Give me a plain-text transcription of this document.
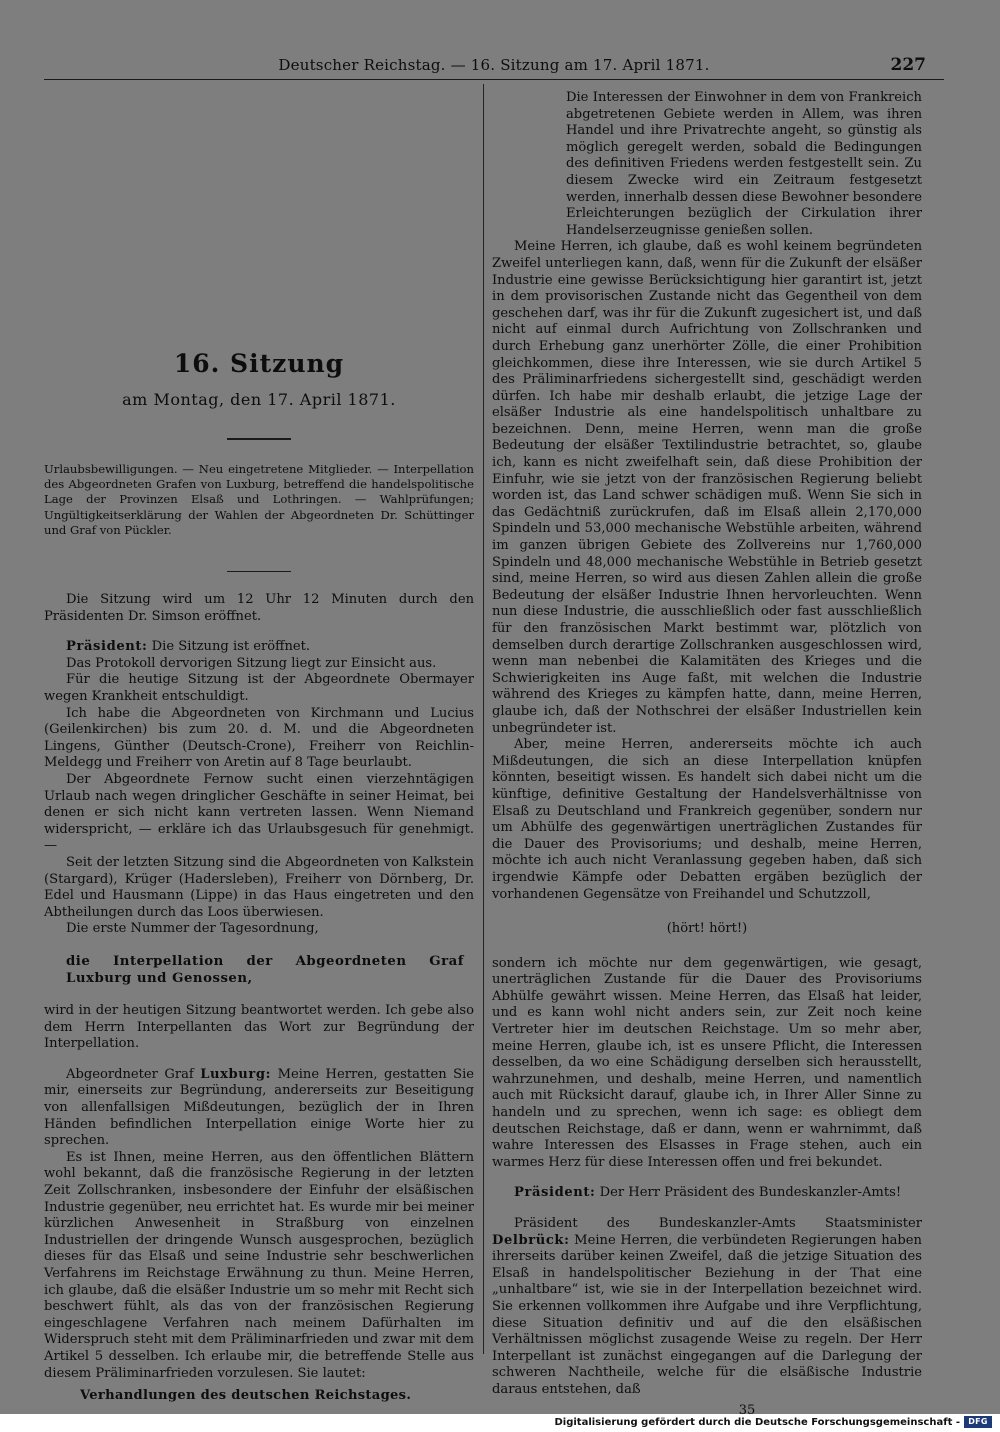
Deutscher Reichstag. — 16. Sitzung am 17. April 1871.	227

16. Sitzung

am Montag, den 17. April 1871.

Urlaubsbewilligungen. — Neu eingetretene Mitglieder. — Interpellation des Abgeordneten Grafen von Luxburg, betreffend die handelspolitische Lage der Provinzen Elsaß und Lothringen. — Wahlprüfungen; Ungültigkeitserklärung der Wahlen der Abgeordneten Dr. Schüttinger und Graf von Pückler.

Die Sitzung wird um 12 Uhr 12 Minuten durch den Präsidenten Dr. Simson eröffnet.

Präsident: Die Sitzung ist eröffnet.

Das Protokoll dervorigen Sitzung liegt zur Einsicht aus.

Für die heutige Sitzung ist der Abgeordnete Obermayer wegen Krankheit entschuldigt.

Ich habe die Abgeordneten von Kirchmann und Lucius (Geilenkirchen) bis zum 20. d. M. und die Abgeordneten Lingens, Günther (Deutsch-Crone), Freiherr von Reichlin-Meldegg und Freiherr von Aretin auf 8 Tage beurlaubt.

Der Abgeordnete Fernow sucht einen vierzehntägigen Urlaub nach wegen dringlicher Geschäfte in seiner Heimat, bei denen er sich nicht kann vertreten lassen. Wenn Niemand widerspricht, — erkläre ich das Urlaubsgesuch für genehmigt. —

Seit der letzten Sitzung sind die Abgeordneten von Kalkstein (Stargard), Krüger (Hadersleben), Freiherr von Dörnberg, Dr. Edel und Hausmann (Lippe) in das Haus eingetreten und den Abtheilungen durch das Loos überwiesen.

Die erste Nummer der Tagesordnung,

die Interpellation der Abgeordneten Graf Luxburg und Genossen,

wird in der heutigen Sitzung beantwortet werden. Ich gebe also dem Herrn Interpellanten das Wort zur Begründung der Interpellation.

Abgeordneter Graf Luxburg: Meine Herren, gestatten Sie mir, einerseits zur Begründung, andererseits zur Beseitigung von allenfallsigen Mißdeutungen, bezüglich der in Ihren Händen befindlichen Interpellation einige Worte hier zu sprechen.

Es ist Ihnen, meine Herren, aus den öffentlichen Blättern wohl bekannt, daß die französische Regierung in der letzten Zeit Zollschranken, insbesondere der Einfuhr der elsäßischen Industrie gegenüber, neu errichtet hat. Es wurde mir bei meiner kürzlichen Anwesenheit in Straßburg von einzelnen Industriellen der dringende Wunsch ausgesprochen, bezüglich dieses für das Elsaß und seine Industrie sehr beschwerlichen Verfahrens im Reichstage Erwähnung zu thun. Meine Herren, ich glaube, daß die elsäßer Industrie um so mehr mit Recht sich beschwert fühlt, als das von der französischen Regierung eingeschlagene Verfahren nach meinem Dafürhalten im Widerspruch steht mit dem Präliminarfrieden und zwar mit dem Artikel 5 desselben. Ich erlaube mir, die betreffende Stelle aus diesem Präliminarfrieden vorzulesen. Sie lautet:

Verhandlungen des deutschen Reichstages.

Die Interessen der Einwohner in dem von Frankreich abgetretenen Gebiete werden in Allem, was ihren Handel und ihre Privatrechte angeht, so günstig als möglich geregelt werden, sobald die Bedingungen des definitiven Friedens werden festgestellt sein. Zu diesem Zwecke wird ein Zeitraum festgesetzt werden, innerhalb dessen diese Bewohner besondere Erleichterungen bezüglich der Cirkulation ihrer Handelserzeugnisse genießen sollen.

Meine Herren, ich glaube, daß es wohl keinem begründeten Zweifel unterliegen kann, daß, wenn für die Zukunft der elsäßer Industrie eine gewisse Berücksichtigung hier garantirt ist, jetzt in dem provisorischen Zustande nicht das Gegentheil von dem geschehen darf, was ihr für die Zukunft zugesichert ist, und daß nicht auf einmal durch Aufrichtung von Zollschranken und durch Erhebung ganz unerhörter Zölle, die einer Prohibition gleichkommen, diese ihre Interessen, wie sie durch Artikel 5 des Präliminarfriedens sichergestellt sind, geschädigt werden dürfen. Ich habe mir deshalb erlaubt, die jetzige Lage der elsäßer Industrie als eine handelspolitisch unhaltbare zu bezeichnen. Denn, meine Herren, wenn man die große Bedeutung der elsäßer Textilindustrie betrachtet, so, glaube ich, kann es nicht zweifelhaft sein, daß diese Prohibition der Einfuhr, wie sie jetzt von der französischen Regierung beliebt worden ist, das Land schwer schädigen muß. Wenn Sie sich in das Gedächtniß zurückrufen, daß im Elsaß allein 2,170,000 Spindeln und 53,000 mechanische Webstühle arbeiten, während im ganzen übrigen Gebiete des Zollvereins nur 1,760,000 Spindeln und 48,000 mechanische Webstühle in Betrieb gesetzt sind, meine Herren, so wird aus diesen Zahlen allein die große Bedeutung der elsäßer Industrie Ihnen hervorleuchten. Wenn nun diese Industrie, die ausschließlich oder fast ausschließlich für den französischen Markt bestimmt war, plötzlich von demselben durch derartige Zollschranken ausgeschlossen wird, wenn man nebenbei die Kalamitäten des Krieges und die Schwierigkeiten ins Auge faßt, mit welchen die Industrie während des Krieges zu kämpfen hatte, dann, meine Herren, glaube ich, daß der Nothschrei der elsäßer Industriellen kein unbegründeter ist.

Aber, meine Herren, andererseits möchte ich auch Mißdeutungen, die sich an diese Interpellation knüpfen könnten, beseitigt wissen. Es handelt sich dabei nicht um die künftige, definitive Gestaltung der Handelsverhältnisse von Elsaß zu Deutschland und Frankreich gegenüber, sondern nur um Abhülfe des gegenwärtigen unerträglichen Zustandes für die Dauer des Provisoriums; und deshalb, meine Herren, möchte ich auch nicht Veranlassung gegeben haben, daß sich irgendwie Kämpfe oder Debatten ergäben bezüglich der vorhandenen Gegensätze von Freihandel und Schutzzoll,

(hört! hört!)

sondern ich möchte nur dem gegenwärtigen, wie gesagt, unerträglichen Zustande für die Dauer des Provisoriums Abhülfe gewährt wissen. Meine Herren, das Elsaß hat leider, und es kann wohl nicht anders sein, zur Zeit noch keine Vertreter hier im deutschen Reichstage. Um so mehr aber, meine Herren, glaube ich, ist es unsere Pflicht, die Interessen desselben, da wo eine Schädigung derselben sich herausstellt, wahrzunehmen, und deshalb, meine Herren, und namentlich auch mit Rücksicht darauf, glaube ich, in Ihrer Aller Sinne zu handeln und zu sprechen, wenn ich sage: es obliegt dem deutschen Reichstage, daß er dann, wenn er wahrnimmt, daß wahre Interessen des Elsasses in Frage stehen, auch ein warmes Herz für diese Interessen offen und frei bekundet.

Präsident: Der Herr Präsident des Bundeskanzler-Amts!

Präsident des Bundeskanzler-Amts Staatsminister Delbrück: Meine Herren, die verbündeten Regierungen haben ihrerseits darüber keinen Zweifel, daß die jetzige Situation des Elsaß in handelspolitischer Beziehung in der That eine „unhaltbare“ ist, wie sie in der Interpellation bezeichnet wird. Sie erkennen vollkommen ihre Aufgabe und ihre Verpflichtung, diese Situation definitiv und auf die den elsäßischen Verhältnissen möglichst zusagende Weise zu regeln. Der Herr Interpellant ist zunächst eingegangen auf die Darlegung der schweren Nachtheile, welche für die elsäßische Industrie daraus entstehen, daß

35

Digitalisierung gefördert durch die Deutsche Forschungsgemeinschaft -	DFG
